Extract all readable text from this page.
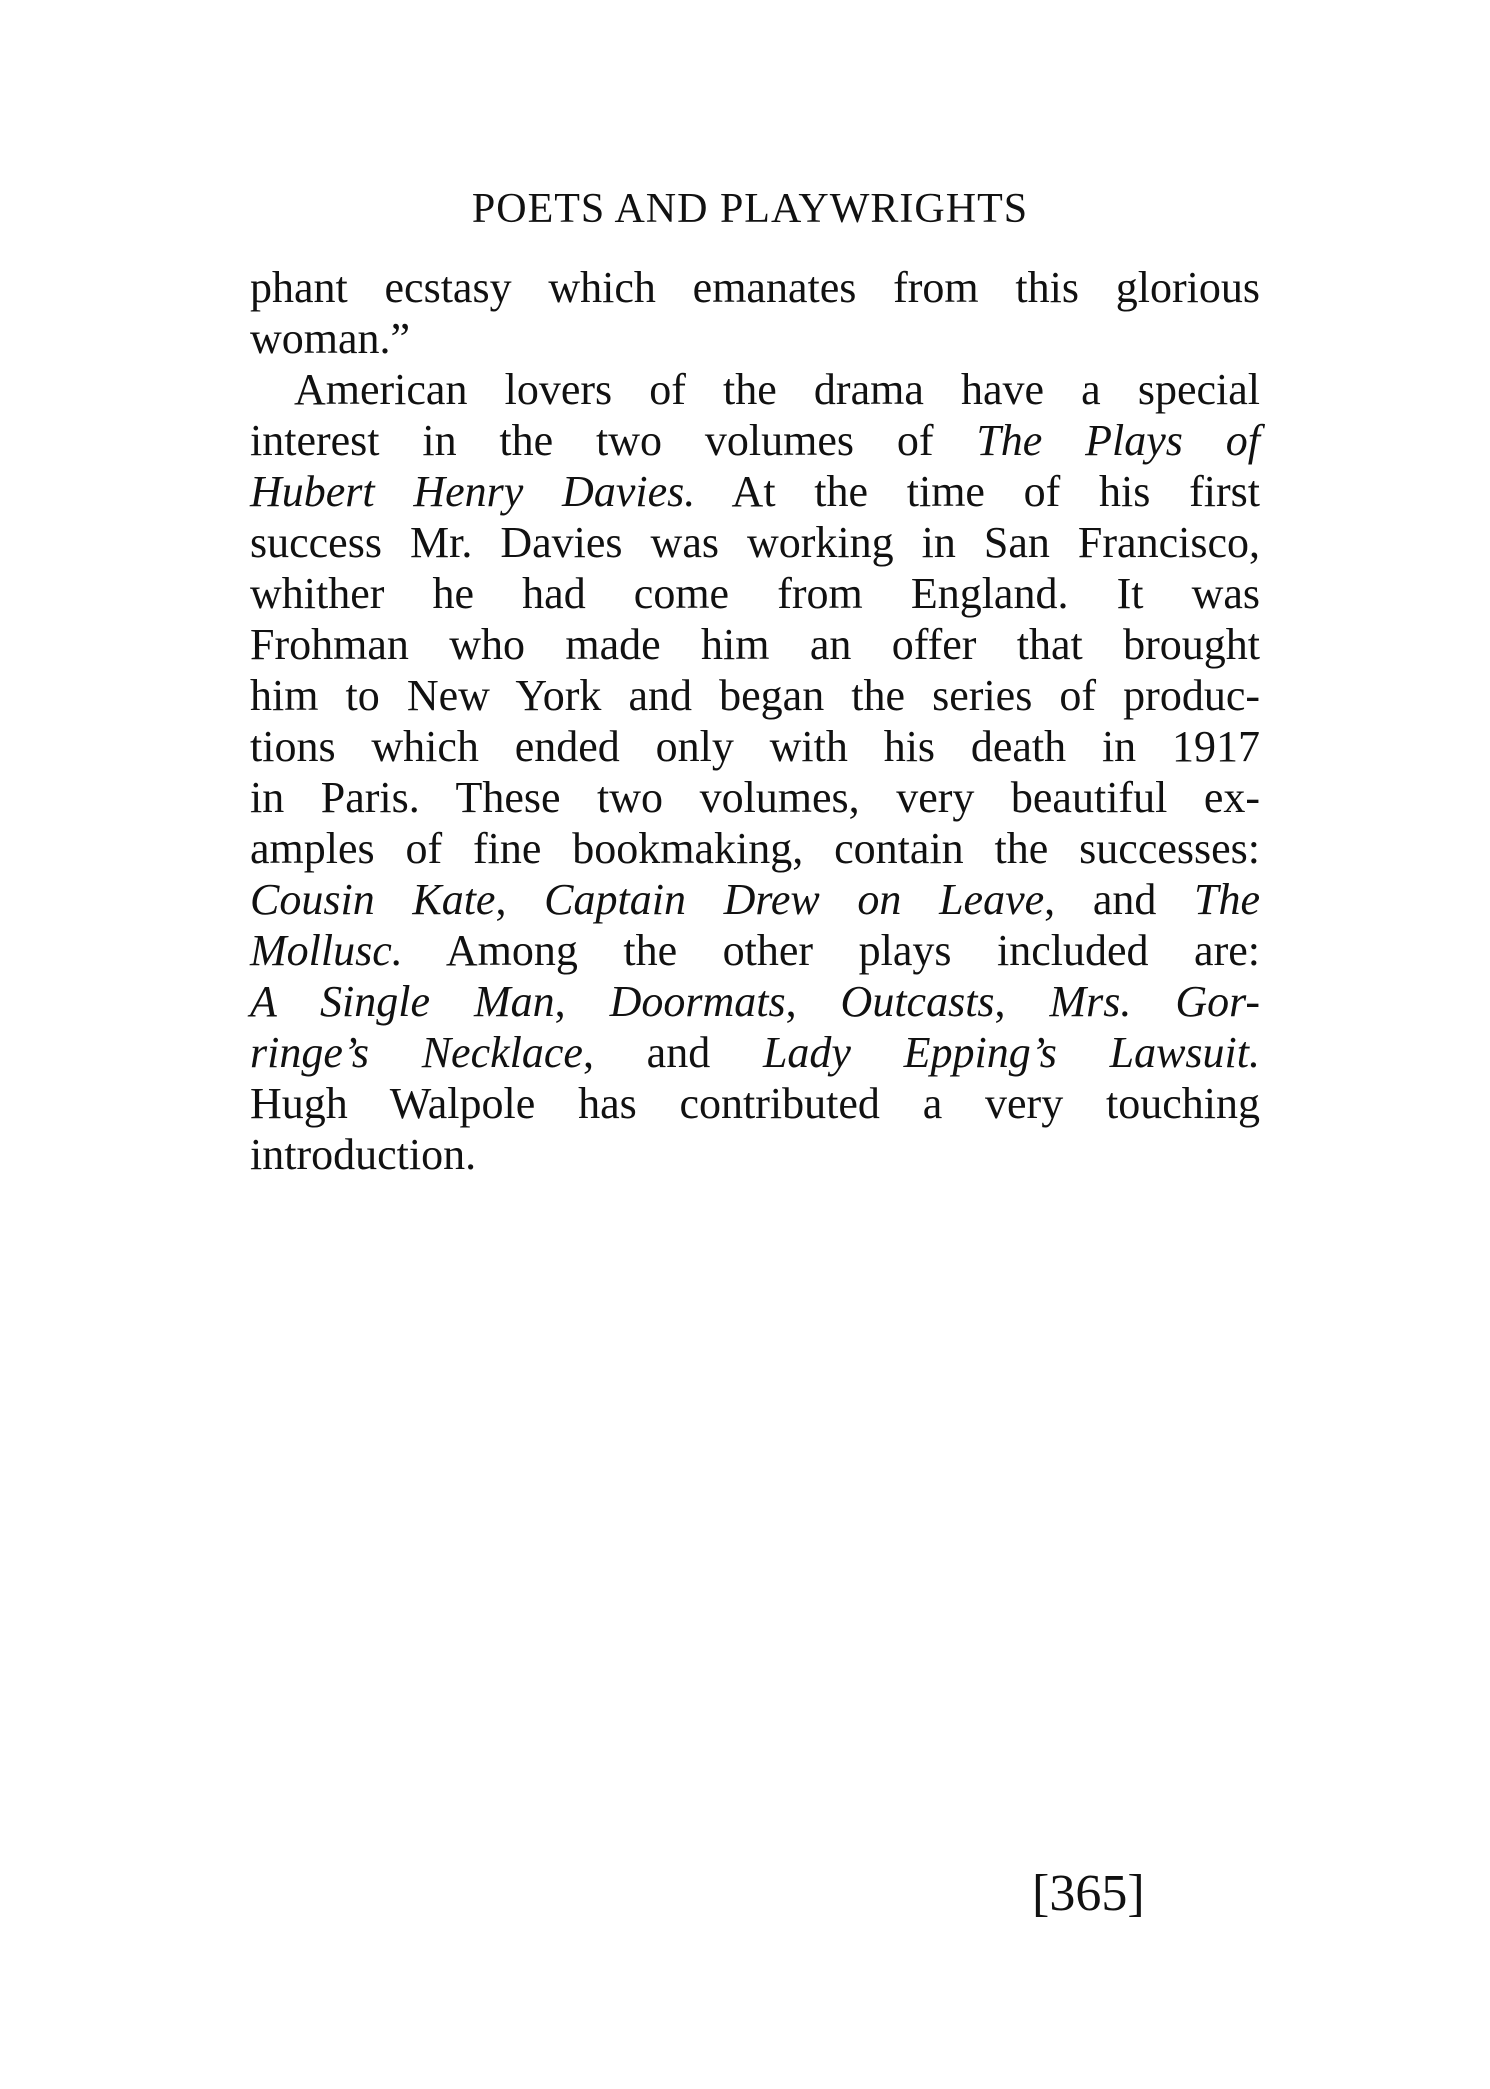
POETS AND PLAYWRIGHTS
phant ecstasy which emanates from this glorious
woman.”
American lovers of the drama have a special
interest in the two volumes of The Plays of
Hubert Henry Davies. At the time of his first
success Mr. Davies was working in San Francisco,
whither he had come from England. It was
Frohman who made him an offer that brought
him to New York and began the series of produc-
tions which ended only with his death in 1917
in Paris. These two volumes, very beautiful ex-
amples of fine bookmaking, contain the successes:
Cousin Kate, Captain Drew on Leave, and The
Mollusc. Among the other plays included are:
A Single Man, Doormats, Outcasts, Mrs. Gor-
ringe’s Necklace, and Lady Epping’s Lawsuit.
Hugh Walpole has contributed a very touching
introduction.
[365]
